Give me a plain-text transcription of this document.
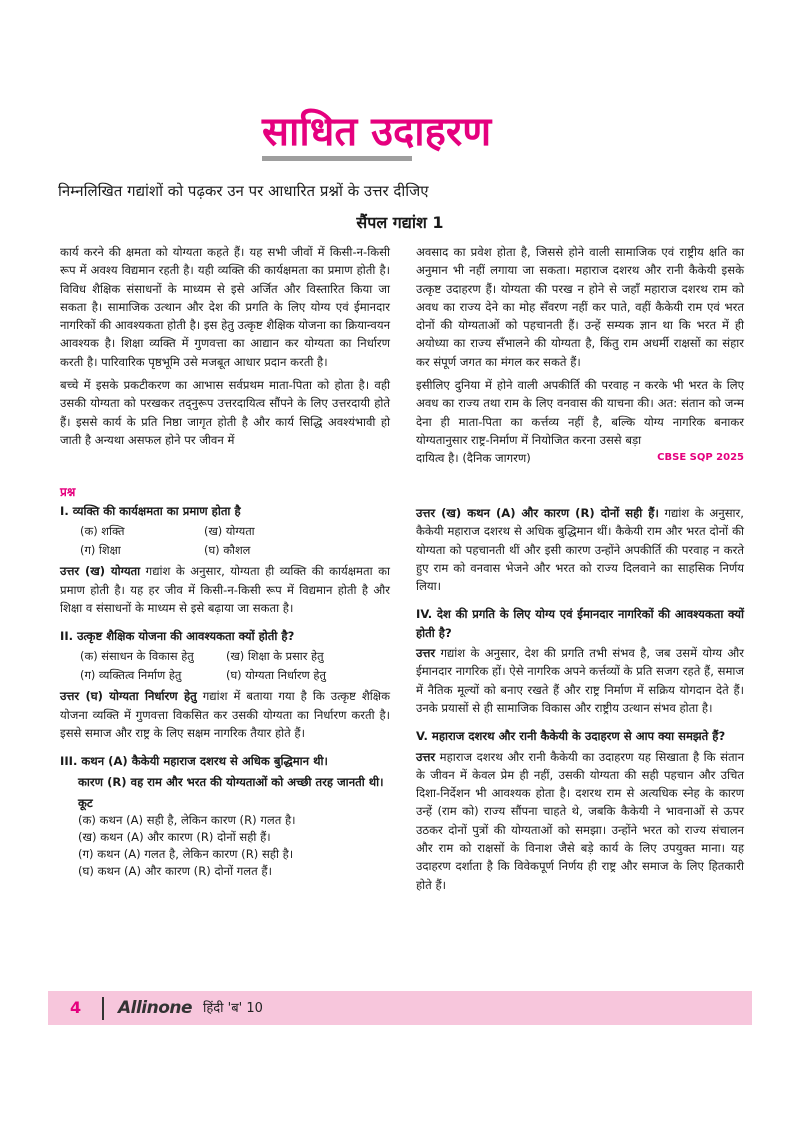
साधित उदाहरण
निम्नलिखित गद्यांशों को पढ़कर उन पर आधारित प्रश्नों के उत्तर दीजिए
सैंपल गद्यांश 1

कार्य करने की क्षमता को योग्यता कहते हैं। यह सभी जीवों में किसी-न-किसी रूप में अवश्य विद्यमान रहती है। यही व्यक्ति की कार्यक्षमता का प्रमाण होती है। विविध शैक्षिक संसाधनों के माध्यम से इसे अर्जित और विस्तारित किया जा सकता है। सामाजिक उत्थान और देश की प्रगति के लिए योग्य एवं ईमानदार नागरिकों की आवश्यकता होती है। इस हेतु उत्कृष्ट शैक्षिक योजना का क्रियान्वयन आवश्यक है। शिक्षा व्यक्ति में गुणवत्ता का आद्यान कर योग्यता का निर्धारण करती है। पारिवारिक पृष्ठभूमि उसे मजबूत आधार प्रदान करती है।

बच्चे में इसके प्रकटीकरण का आभास सर्वप्रथम माता-पिता को होता है। वही उसकी योग्यता को परखकर तद्नुरूप उत्तरदायित्व सौंपने के लिए उत्तरदायी होते हैं। इससे कार्य के प्रति निष्ठा जागृत होती है और कार्य सिद्धि अवश्यंभावी हो जाती है अन्यथा असफल होने पर जीवन में

अवसाद का प्रवेश होता है, जिससे होने वाली सामाजिक एवं राष्ट्रीय क्षति का अनुमान भी नहीं लगाया जा सकता। महाराज दशरथ और रानी कैकेयी इसके उत्कृष्ट उदाहरण हैं। योग्यता की परख न होने से जहाँ महाराज दशरथ राम को अवध का राज्य देने का मोह सँवरण नहीं कर पाते, वहीं कैकेयी राम एवं भरत दोनों की योग्यताओं को पहचानती हैं। उन्हें सम्यक ज्ञान था कि भरत में ही अयोध्या का राज्य सँभालने की योग्यता है, किंतु राम अधर्मी राक्षसों का संहार कर संपूर्ण जगत का मंगल कर सकते हैं।

इसीलिए दुनिया में होने वाली अपकीर्ति की परवाह न करके भी भरत के लिए अवध का राज्य तथा राम के लिए वनवास की याचना की। अत: संतान को जन्म देना ही माता-पिता का कर्त्तव्य नहीं है, बल्कि योग्य नागरिक बनाकर योग्यतानुसार राष्ट्र-निर्माण में नियोजित करना उससे बड़ा

दायित्व है। (दैनिक जागरण)	CBSE SQP 2025
प्रश्न
I. व्यक्ति की कार्यक्षमता का प्रमाण होता है
(क) शक्ति	(ख) योग्यता
(ग) शिक्षा	(घ) कौशल
उत्तर (ख) योग्यता गद्यांश के अनुसार, योग्यता ही व्यक्ति की कार्यक्षमता का प्रमाण होती है। यह हर जीव में किसी-न-किसी रूप में विद्यमान होती है और शिक्षा व संसाधनों के माध्यम से इसे बढ़ाया जा सकता है।
II. उत्कृष्ट शैक्षिक योजना की आवश्यकता क्यों होती है?
(क) संसाधन के विकास हेतु	(ख) शिक्षा के प्रसार हेतु
(ग) व्यक्तित्व निर्माण हेतु	(घ) योग्यता निर्धारण हेतु
उत्तर (घ) योग्यता निर्धारण हेतु गद्यांश में बताया गया है कि उत्कृष्ट शैक्षिक योजना व्यक्ति में गुणवत्ता विकसित कर उसकी योग्यता का निर्धारण करती है। इससे समाज और राष्ट्र के लिए सक्षम नागरिक तैयार होते हैं।
III. कथन (A) कैकेयी महाराज दशरथ से अधिक बुद्धिमान थी।
कारण (R) वह राम और भरत की योग्यताओं को अच्छी तरह जानती थी।
कूट
(क) कथन (A) सही है, लेकिन कारण (R) गलत है।
(ख) कथन (A) और कारण (R) दोनों सही हैं।
(ग) कथन (A) गलत है, लेकिन कारण (R) सही है।
(घ) कथन (A) और कारण (R) दोनों गलत हैं।
उत्तर (ख) कथन (A) और कारण (R) दोनों सही हैं। गद्यांश के अनुसार, कैकेयी महाराज दशरथ से अधिक बुद्धिमान थीं। कैकेयी राम और भरत दोनों की योग्यता को पहचानती थीं और इसी कारण उन्होंने अपकीर्ति की परवाह न करते हुए राम को वनवास भेजने और भरत को राज्य दिलवाने का साहसिक निर्णय लिया।
IV. देश की प्रगति के लिए योग्य एवं ईमानदार नागरिकों की आवश्यकता क्यों होती है?
उत्तर गद्यांश के अनुसार, देश की प्रगति तभी संभव है, जब उसमें योग्य और ईमानदार नागरिक हों। ऐसे नागरिक अपने कर्त्तव्यों के प्रति सजग रहते हैं, समाज में नैतिक मूल्यों को बनाए रखते हैं और राष्ट्र निर्माण में सक्रिय योगदान देते हैं। उनके प्रयासों से ही सामाजिक विकास और राष्ट्रीय उत्थान संभव होता है।
V. महाराज दशरथ और रानी कैकेयी के उदाहरण से आप क्या समझते हैं?
उत्तर महाराज दशरथ और रानी कैकेयी का उदाहरण यह सिखाता है कि संतान के जीवन में केवल प्रेम ही नहीं, उसकी योग्यता की सही पहचान और उचित दिशा-निर्देशन भी आवश्यक होता है। दशरथ राम से अत्यधिक स्नेह के कारण उन्हें (राम को) राज्य सौंपना चाहते थे, जबकि कैकेयी ने भावनाओं से ऊपर उठकर दोनों पुत्रों की योग्यताओं को समझा। उन्होंने भरत को राज्य संचालन और राम को राक्षसों के विनाश जैसे बड़े कार्य के लिए उपयुक्त माना। यह उदाहरण दर्शाता है कि विवेकपूर्ण निर्णय ही राष्ट्र और समाज के लिए हितकारी होते हैं।
4 Allinone हिंदी 'ब' 10
